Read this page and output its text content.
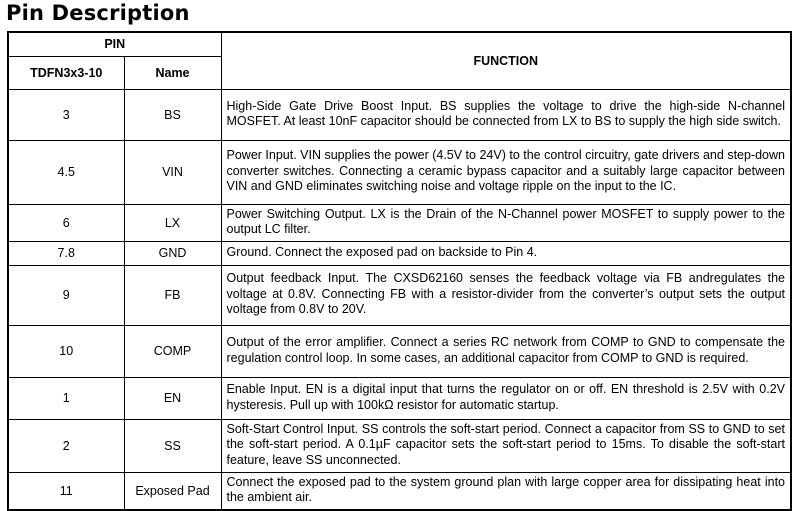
Pin Description
PIN		FUNCTION
TDFN3x3-10	Name	
3	BS	High-Side Gate Drive Boost Input. BS supplies the voltage to drive the high-side N-channel MOSFET. At least 10nF capacitor should be connected from LX to BS to supply the high side switch.
4.5	VIN	Power Input. VIN supplies the power (4.5V to 24V) to the control circuitry, gate drivers and step-down converter switches. Connecting a ceramic bypass capacitor and a suitably large capacitor between VIN and GND eliminates switching noise and voltage ripple on the input to the IC.
6	LX	Power Switching Output. LX is the Drain of the N-Channel power MOSFET to supply power to the output LC filter.
7.8	GND	Ground. Connect the exposed pad on backside to Pin 4.
9	FB	Output feedback Input. The CXSD62160 senses the feedback voltage via FB andregulates the voltage at 0.8V. Connecting FB with a resistor-divider from the converter’s output sets the output voltage from 0.8V to 20V.
10	COMP	Output of the error amplifier. Connect a series RC network from COMP to GND to compensate the regulation control loop. In some cases, an additional capacitor from COMP to GND is required.
1	EN	Enable Input. EN is a digital input that turns the regulator on or off. EN threshold is 2.5V with 0.2V hysteresis. Pull up with 100kΩ resistor for automatic startup.
2	SS	Soft-Start Control Input. SS controls the soft-start period. Connect a capacitor from SS to GND to set the soft-start period. A 0.1µF capacitor sets the soft-start period to 15ms. To disable the soft-start feature, leave SS unconnected.
11	Exposed Pad	Connect the exposed pad to the system ground plan with large copper area for dissipating heat into the ambient air.
